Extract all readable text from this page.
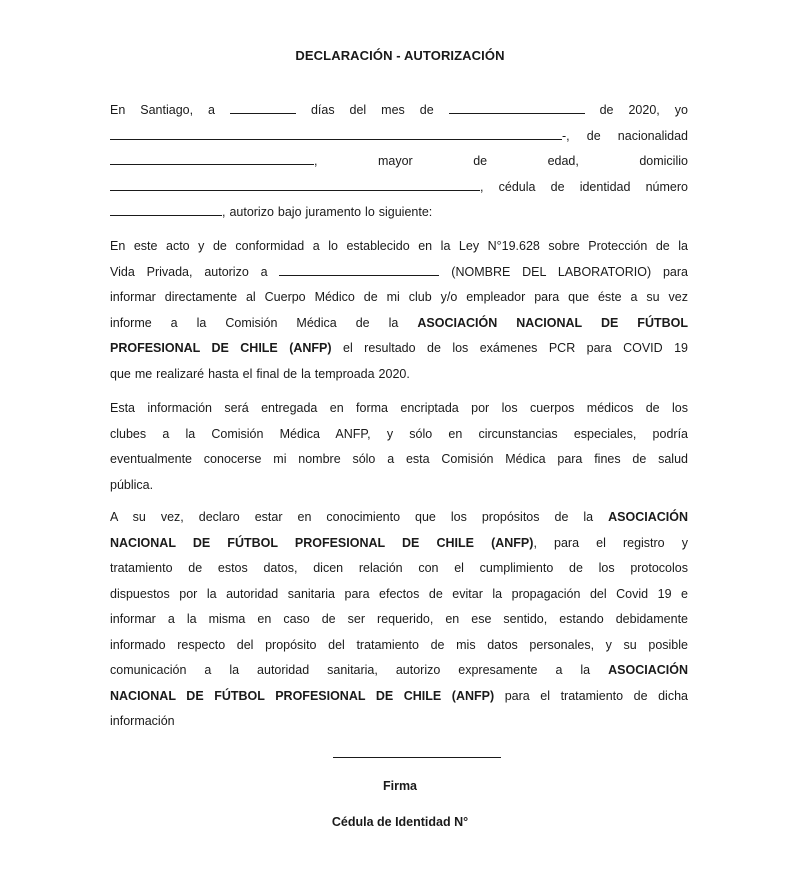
DECLARACIÓN - AUTORIZACIÓN
En Santiago, a	días del mes de	de 2020, yo
-, de nacionalidad
,	mayor	de	edad,	domicilio
, cédula de identidad número
, autorizo bajo juramento lo siguiente:
En este acto y de conformidad a lo establecido en la Ley N°19.628 sobre Protección de la
Vida Privada, autorizo a	(NOMBRE DEL LABORATORIO) para
informar directamente al Cuerpo Médico de mi club y/o empleador para que éste a su vez
informe a la Comisión Médica de la ASOCIACIÓN NACIONAL DE FÚTBOL
PROFESIONAL DE CHILE (ANFP) el resultado de los exámenes PCR para COVID 19
que me realizaré hasta el final de la temproada 2020.
Esta información será entregada en forma encriptada por los cuerpos médicos de los
clubes a la Comisión Médica ANFP, y sólo en circunstancias especiales, podría
eventualmente conocerse mi nombre sólo a esta Comisión Médica para fines de salud
pública.
A su vez, declaro estar en conocimiento que los propósitos de la ASOCIACIÓN
NACIONAL DE FÚTBOL PROFESIONAL DE CHILE (ANFP), para el registro y
tratamiento de estos datos, dicen relación con el cumplimiento de los protocolos
dispuestos por la autoridad sanitaria para efectos de evitar la propagación del Covid 19 e
informar a la misma en caso de ser requerido, en ese sentido, estando debidamente
informado respecto del propósito del tratamiento de mis datos personales, y su posible
comunicación a la autoridad sanitaria, autorizo expresamente a la ASOCIACIÓN
NACIONAL DE FÚTBOL PROFESIONAL DE CHILE (ANFP) para el tratamiento de dicha
información
Firma
Cédula de Identidad N°
